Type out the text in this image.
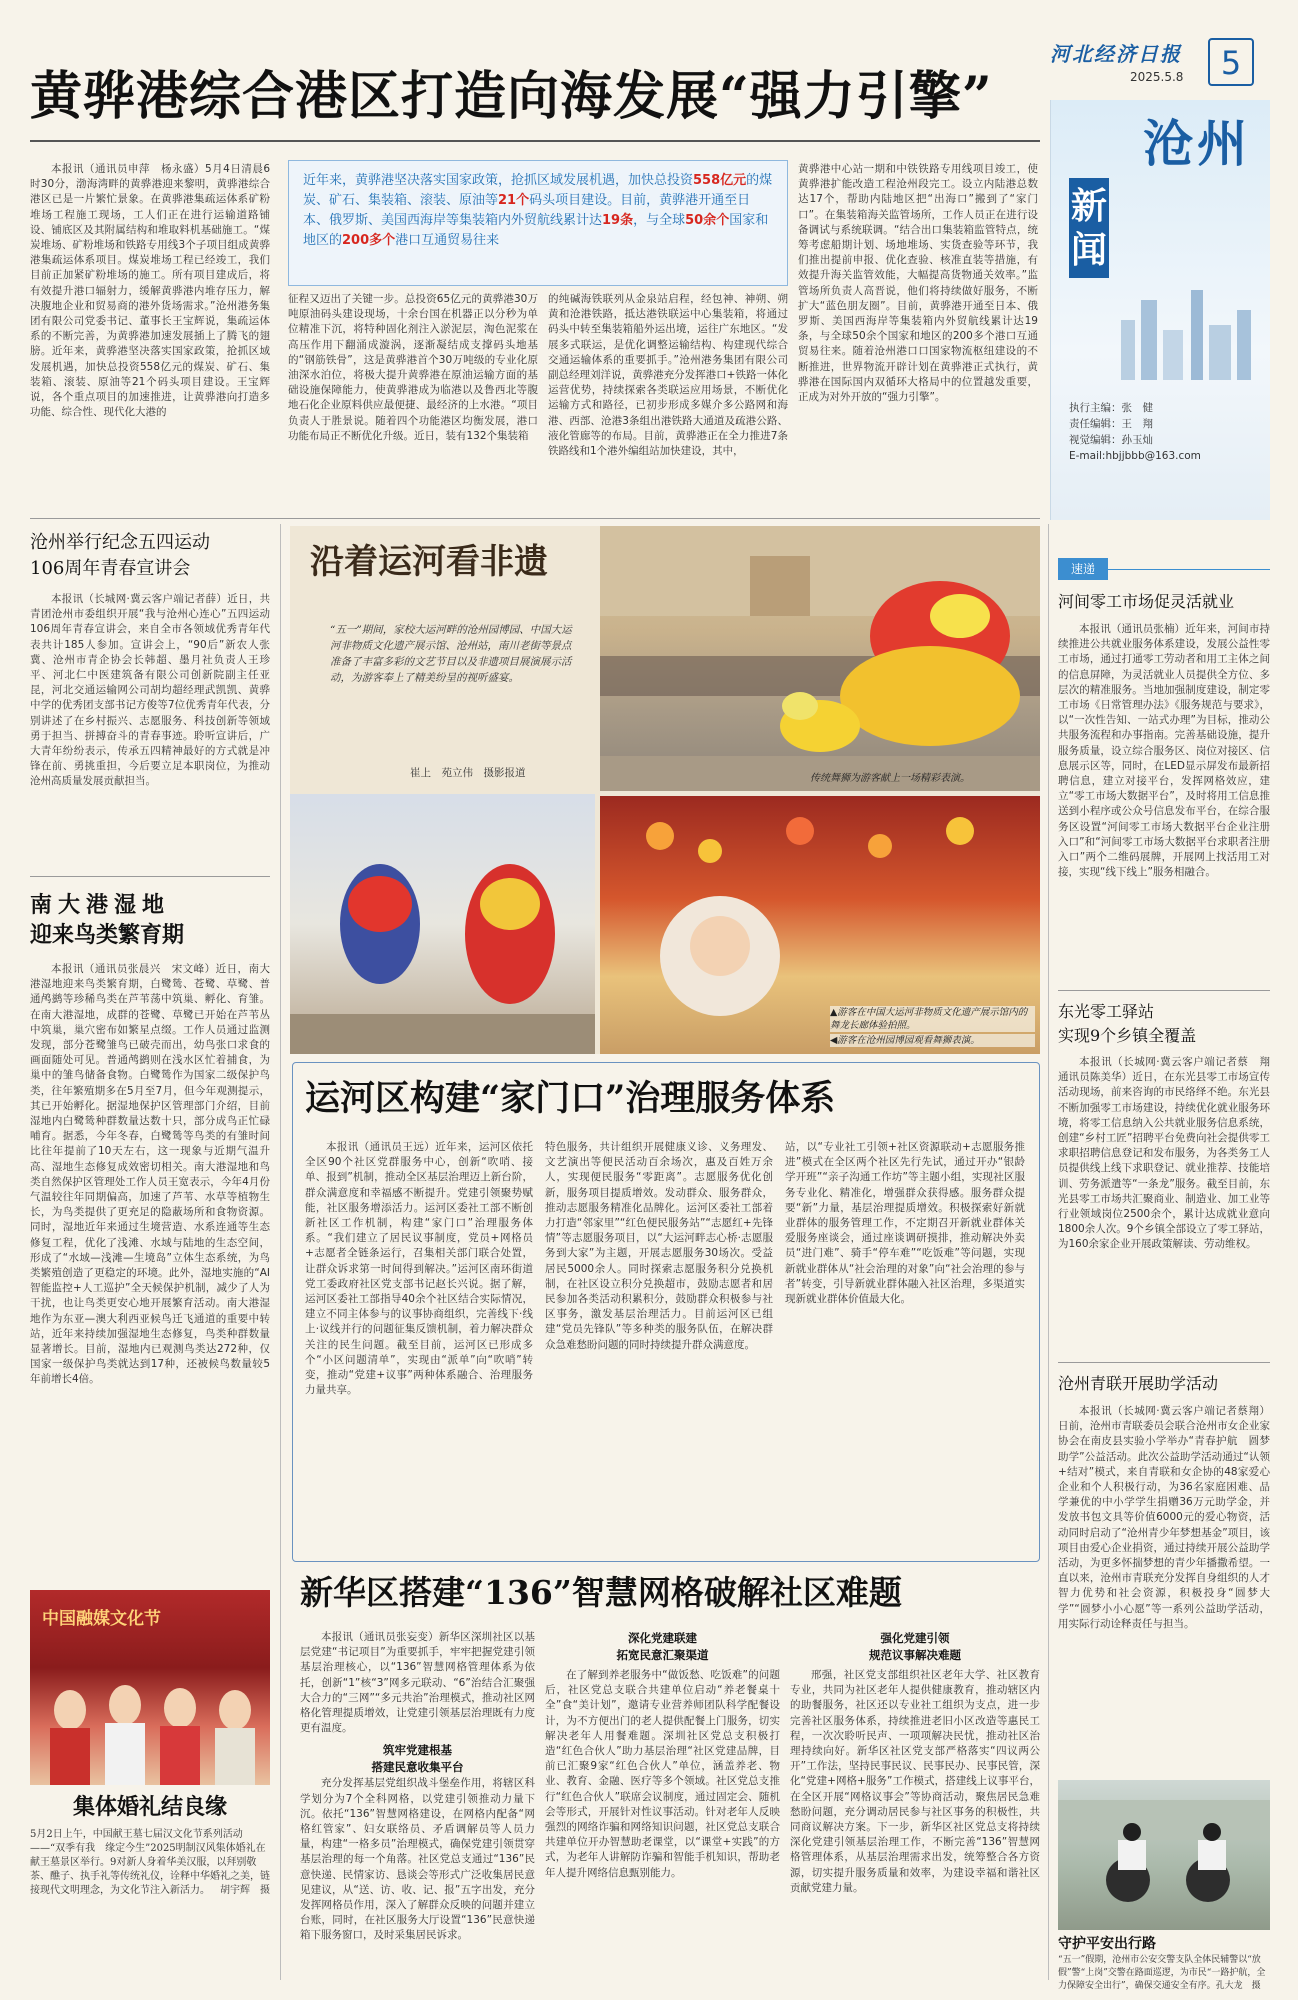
河北经济日报
2025.5.8	5
黄骅港综合港区打造向海发展“强力引擎”

本报讯（通讯员申萍　杨永盛）5月4日清晨6时30分，渤海湾畔的黄骅港迎来黎明，黄骅港综合港区已是一片繁忙景象。在黄骅港集疏运体系矿粉堆场工程施工现场，工人们正在进行运输道路铺设、铺底区及其附属结构和堆取料机基础施工。“煤炭堆场、矿粉堆场和铁路专用线3个子项目组成黄骅港集疏运体系项目。煤炭堆场工程已经竣工，我们目前正加紧矿粉堆场的施工。所有项目建成后，将有效提升港口辐射力，缓解黄骅港内堆存压力，解决腹地企业和贸易商的港外货场需求。”沧州港务集团有限公司党委书记、董事长王宝辉说，集疏运体系的不断完善，为黄骅港加速发展插上了腾飞的翅膀。近年来，黄骅港坚决落实国家政策，抢抓区域发展机遇，加快总投资558亿元的煤炭、矿石、集装箱、滚装、原油等21个码头项目建设。王宝辉说，各个重点项目的加速推进，让黄骅港向打造多功能、综合性、现代化大港的

近年来，黄骅港坚决落实国家政策，抢抓区域发展机遇，加快总投资558亿元的煤炭、矿石、集装箱、滚装、原油等21个码头项目建设。目前，黄骅港开通至日本、俄罗斯、美国西海岸等集装箱内外贸航线累计达19条，与全球50余个国家和地区的200多个港口互通贸易往来

征程又迈出了关键一步。总投资65亿元的黄骅港30万吨原油码头建设现场，十余台国在机器正以分秒为单位精准下沉，将特种固化剂注入淤泥层，淘色泥浆在高压作用下翻涌成漩涡，逐渐凝结成支撑码头地基的“钢筋铁骨”，这是黄骅港首个30万吨级的专业化原油深水泊位，将极大提升黄骅港在原油运输方面的基础设施保障能力，使黄骅港成为临港以及鲁西北等腹地石化企业原料供应最便捷、最经济的上水港。“项目负责人于胜景说。随着四个功能港区均衡发展，港口功能布局正不断优化升级。近日，装有132个集装箱

的纯碱海铁联列从金泉站启程，经包神、神朔、朔黄和沧港铁路，抵达港铁联运中心集装箱，将通过码头中转至集装箱船外运出境，运往广东地区。“发展多式联运，是优化调整运输结构、构建现代综合交通运输体系的重要抓手。”沧州港务集团有限公司副总经理刘洋说，黄骅港充分发挥港口+铁路一体化运营优势，持续探索各类联运应用场景，不断优化运输方式和路径，已初步形成多媒介多公路网和海港、西部、沧港3条组出港铁路大通道及疏港公路、液化管廊等的布局。目前，黄骅港正在全力推进7条铁路线和1个港外编组站加快建设，其中，

黄骅港中心站一期和中铁铁路专用线项目竣工，使黄骅港扩能改造工程沧州段完工。设立内陆港总数达17个，帮助内陆地区把“出海口”搬到了“家门口”。在集装箱海关监管场所，工作人员正在进行设备调试与系统联调。“结合出口集装箱监管特点，统筹考虑船期计划、场地堆场、实货查验等环节，我们推出提前申报、优化查验、核准直装等措施，有效提升海关监管效能，大幅提高货物通关效率。”监管场所负责人高晋说，他们将持续做好服务，不断扩大“蓝色朋友圈”。目前，黄骅港开通至日本、俄罗斯、美国西海岸等集装箱内外贸航线累计达19条，与全球50余个国家和地区的200多个港口互通贸易往来。随着沧州港口口国家物流枢纽建设的不断推进，世界物流开辟计划在黄骅港正式执行，黄骅港在国际国内双循环大格局中的位置越发重要，正成为对外开放的“强力引擎”。

沧州
新闻
执行主编：张　健
责任编辑：王　翔
视觉编辑：孙玉灿
E-mail:hbjjbbb@163.com
沧州举行纪念五四运动
106周年青春宣讲会

本报讯（长城网·冀云客户端记者薛）近日，共青团沧州市委组织开展“我与沧州心连心”五四运动106周年青春宣讲会，来自全市各领域优秀青年代表共计185人参加。宣讲会上，“90后”新农人张冀、沧州市青企协会长韩超、墨月社负责人王珍平、河北仁中医建筑备有限公司创新院副主任亚昆，河北交通运输网公司胡均超经理武凯凯、黄骅中学的优秀团支部书记方俊等7位优秀青年代表，分别讲述了在乡村振兴、志愿服务、科技创新等领域勇于担当、拼搏奋斗的青春事迹。聆听宣讲后，广大青年纷纷表示，传承五四精神最好的方式就是冲锋在前、勇挑重担，今后要立足本职岗位，为推动沧州高质量发展贡献担当。

南大港湿地
迎来鸟类繁育期

本报讯（通讯员张晨兴　宋文峰）近日，南大港湿地迎来鸟类繁育期，白鹭鸶、苍鹭、草鹭、普通鸬鹚等珍稀鸟类在芦苇荡中筑巢、孵化、育雏。在南大港湿地，成群的苍鹭、草鹭已开始在芦苇丛中筑巢，巢穴密布如繁星点缀。工作人员通过监测发现，部分苍鹭雏鸟已破壳而出，幼鸟张口求食的画面随处可见。普通鸬鹚则在浅水区忙着捕食，为巢中的雏鸟储备食物。白鹭鸶作为国家二级保护鸟类，往年繁殖期多在5月至7月，但今年观测提示，其已开始孵化。据湿地保护区管理部门介绍，目前湿地内白鹭鸶种群数量达数十只，部分成鸟正忙碌哺育。据悉，今年冬春，白鹭鸶等鸟类的有雏时间比往年提前了10天左右，这一现象与近期气温升高、湿地生态修复成效密切相关。南大港湿地和鸟类自然保护区管理处工作人员王宽表示，今年4月份气温较往年同期偏高，加速了芦苇、水草等植物生长，为鸟类提供了更充足的隐蔽场所和食物资源。同时，湿地近年来通过生境营造、水系连通等生态修复工程，优化了浅滩、水域与陆地的生态空间，形成了“水域—浅滩—生境岛”立体生态系统，为鸟类繁殖创造了更稳定的环境。此外，湿地实施的“AI智能监控+人工巡护”全天候保护机制，减少了人为干扰，也让鸟类更安心地开展繁育活动。南大港湿地作为东亚—澳大利西亚候鸟迁飞通道的重要中转站，近年来持续加强湿地生态修复，鸟类种群数量显著增长。目前，湿地内已观测鸟类达272种，仅国家一级保护鸟类就达到17种，还被候鸟数量较5年前增长4倍。

中国融媒文化节
集体婚礼结良缘
5月2日上午，中国献王墓七届汉文化节系列活动——“双季有我　缘定今生”2025明制汉风集体婚礼在献王墓景区举行。9对新人身着华美汉服，以拜别敬茶、醮子、执手礼等传统礼仪，诠释中华婚礼之美，链接现代文明理念，为文化节注入新活力。 胡宇辉　摄
传统舞狮为游客献上一场精彩表演。
沿着运河看非遗
“五一”期间，家校大运河畔的沧州园博园、中国大运河非物质文化遗产展示馆、沧州站，南川老街等景点准备了丰富多彩的文艺节目以及非遗项目展演展示活动，为游客奉上了精美纷呈的视听盛宴。
崔上　苑立伟　摄影报道
▲游客在中国大运河非物质文化遗产展示馆内的舞龙长廊体验拍照。
◀游客在沧州园博园观看舞狮表演。
运河区构建“家门口”治理服务体系

本报讯（通讯员王远）近年来，运河区依托全区90个社区党群服务中心，创新“吹哨、接单、报到”机制，推动全区基层治理迈上新台阶，群众满意度和幸福感不断提升。党建引领聚势赋能，社区服务增添活力。运河区委社工部不断创新社区工作机制，构建“家门口”治理服务体系。“我们建立了居民议事制度，党员+网格员+志愿者全链条运行，召集相关部门联合处置，让群众诉求第一时间得到解决。”运河区南环街道党工委政府社区党支部书记赵长兴说。据了解，运河区委社工部指导40余个社区结合实际情况，建立不同主体参与的议事协商组织，完善线下·线上·议线并行的问题征集反馈机制，着力解决群众关注的民生问题。截至目前，运河区已形成多个“小区问题清单”，实现由“派单”向“吹哨”转变，推动“党建+议事”两种体系融合、治理服务力量共享。

特色服务，共计组织开展健康义诊、义务理发、文艺演出等便民活动百余场次，惠及百姓万余人，实现便民服务“零距离”。志愿服务优化创新，服务项目提质增效。发动群众、服务群众，推动志愿服务精准化品牌化。运河区委社工部着力打造“邻家里”“红色便民服务站”“志愿红+先锋情”等志愿服务项目，以“大运河畔志心桥·志愿服务到大家”为主题，开展志愿服务30场次。受益居民5000余人。同时探索志愿服务积分兑换机制，在社区设立积分兑换超市，鼓励志愿者和居民参加各类活动积累积分，鼓励群众积极参与社区事务，激发基层治理活力。目前运河区已组建“党员先锋队”等多种类的服务队伍，在解决群众急难愁盼问题的同时持续提升群众满意度。

站，以“专业社工引领+社区资源联动+志愿服务推进”模式在全区两个社区先行先试，通过开办“银龄学开班”“亲子沟通工作坊”等主题小组，实现社区服务专业化、精准化，增强群众获得感。服务群众提要“新”力量，基层治理提质增效。积极探索好新就业群体的服务管理工作，不定期召开新就业群体关爱服务座谈会，通过座谈调研摸排，推动解决外卖员“进门难”、骑手“停车难”“吃饭难”等问题，实现新就业群体从“社会治理的对象”向“社会治理的参与者”转变，引导新就业群体融入社区治理，多渠道实现新就业群体价值最大化。

新华区搭建“136”智慧网格破解社区难题

本报讯（通讯员张妄变）新华区深圳社区以基层党建“书记项目”为重要抓手，牢牢把握党建引领基层治理核心，以“136”智慧网格管理体系为依托，创新“1”核“3”网多元联动、“6”治结合汇聚强大合力的“三网”“多元共治”治理模式，推动社区网格化管理提质增效，让党建引领基层治理既有力度更有温度。

筑牢党建根基
搭建民意收集平台

充分发挥基层党组织战斗堡垒作用，将辖区科学划分为7个全科网格，以党建引领推动力量下沉。依托“136”智慧网格建设，在网格内配备“网格红管家”、妇女联络员、矛盾调解员等人员力量，构建“一格多员”治理模式，确保党建引领贯穿基层治理的每一个角落。社区党总支通过“136”民意快递、民情家访、恳谈会等形式广泛收集居民意见建议，从“送、访、收、记、报”五字出发，充分发挥网格员作用，深入了解群众反映的问题并建立台账，同时，在社区服务大厅设置“136”民意快递箱下服务窗口，及时采集居民诉求。

深化党建联建
拓宽民意汇聚渠道

在了解到养老服务中“做饭愁、吃饭难”的问题后，社区党总支联合共建单位启动“养老餐桌十全”食“美计划”，邀请专业营养师团队科学配餐设计，为不方便出门的老人提供配餐上门服务，切实解决老年人用餐难题。深圳社区党总支积极打造“红色合伙人”助力基层治理“社区党建品牌，目前已汇聚9家“红色合伙人”单位，涵盖养老、物业、教育、金融、医疗等多个领域。社区党总支推行“红色合伙人”联席会议制度，通过固定会、随机会等形式，开展针对性议事活动。针对老年人反映强烈的网络诈骗和网络知识问题，社区党总支联合共建单位开办智慧助老课堂，以“课堂+实践”的方式，为老年人讲解防诈骗和智能手机知识，帮助老年人提升网络信息甄别能力。

强化党建引领
规范议事解决难题

邢强，社区党支部组织社区老年大学、社区教育专业，共同为社区老年人提供健康教育，推动辖区内的助餐服务，社区还以专业社工组织为支点，进一步完善社区服务体系，持续推进老旧小区改造等惠民工程，一次次聆听民声、一项项解决民忧，推动社区治理持续向好。新华区社区党支部严格落实“四议两公开”工作法，坚持民事民议、民事民办、民事民管，深化“党建+网格+服务”工作模式，搭建线上议事平台，在全区开展“网格议事会”等协商活动，聚焦居民急难愁盼问题，充分调动居民参与社区事务的积极性，共同商议解决方案。下一步，新华区社区党总支将持续深化党建引领基层治理工作，不断完善“136”智慧网格管理体系，从基层治理需求出发，统筹整合各方资源，切实提升服务质量和效率，为建设幸福和谐社区贡献党建力量。

速递
河间零工市场促灵活就业

本报讯（通讯员张楠）近年来，河间市持续推进公共就业服务体系建设，发展公益性零工市场，通过打通零工劳动者和用工主体之间的信息屏障，为灵活就业人员提供全方位、多层次的精准服务。当地加强制度建设，制定零工市场《日常管理办法》《服务规范与要求》，以“一次性告知、一站式办理”为目标，推动公共服务流程和办事指南。完善基础设施，提升服务质量，设立综合服务区、岗位对接区、信息展示区等，同时，在LED显示屏发布最新招聘信息，建立对接平台，发挥网格效应，建立“零工市场大数据平台”，及时将用工信息推送到小程序或公众号信息发布平台，在综合服务区设置“河间零工市场大数据平台企业注册入口”和“河间零工市场大数据平台求职者注册入口”两个二维码展牌，开展网上找活用工对接，实现“线下线上”服务相融合。

东光零工驿站
实现9个乡镇全覆盖

本报讯（长城网·冀云客户端记者蔡　翔　通讯员陈美华）近日，在东光县零工市场宣传活动现场，前来咨询的市民络绎不绝。东光县不断加强零工市场建设，持续优化就业服务环境，将零工信息纳入公共就业服务信息系统，创建“乡村工匠”招聘平台免费向社会提供零工求职招聘信息登记和发布服务，为各类务工人员提供线上线下求职登记、就业推荐、技能培训、劳务派遣等“一条龙”服务。截至目前，东光县零工市场共汇聚商业、制造业、加工业等行业领域岗位2500余个，累计达成就业意向1800余人次。9个乡镇全部设立了零工驿站，为160余家企业开展政策解读、劳动维权。

沧州青联开展助学活动

本报讯（长城网·冀云客户端记者蔡翔）日前，沧州市青联委员会联合沧州市女企业家协会在南皮县实验小学举办“青春护航　圆梦助学”公益活动。此次公益助学活动通过“认领+结对”模式，来自青联和女企协的48家爱心企业和个人积极行动，为36名家庭困难、品学兼优的中小学学生捐赠36万元助学金，并发放书包文具等价值6000元的爱心物资，活动同时启动了“沧州青少年梦想基金”项目，该项目由爱心企业捐资，通过持续开展公益助学活动，为更多怀揣梦想的青少年播撒希望。一直以来，沧州市青联充分发挥自身组织的人才智力优势和社会资源，积极投身“圆梦大学”“圆梦小小心愿”等一系列公益助学活动，用实际行动诠释责任与担当。

守护平安出行路
“五一”假期，沧州市公安交警支队全体民辅警以“放假”警“上岗”交警在路面巡逻，为市民“一路护航，全力保障安全出行”，确保交通安全有序。孔大龙　摄
